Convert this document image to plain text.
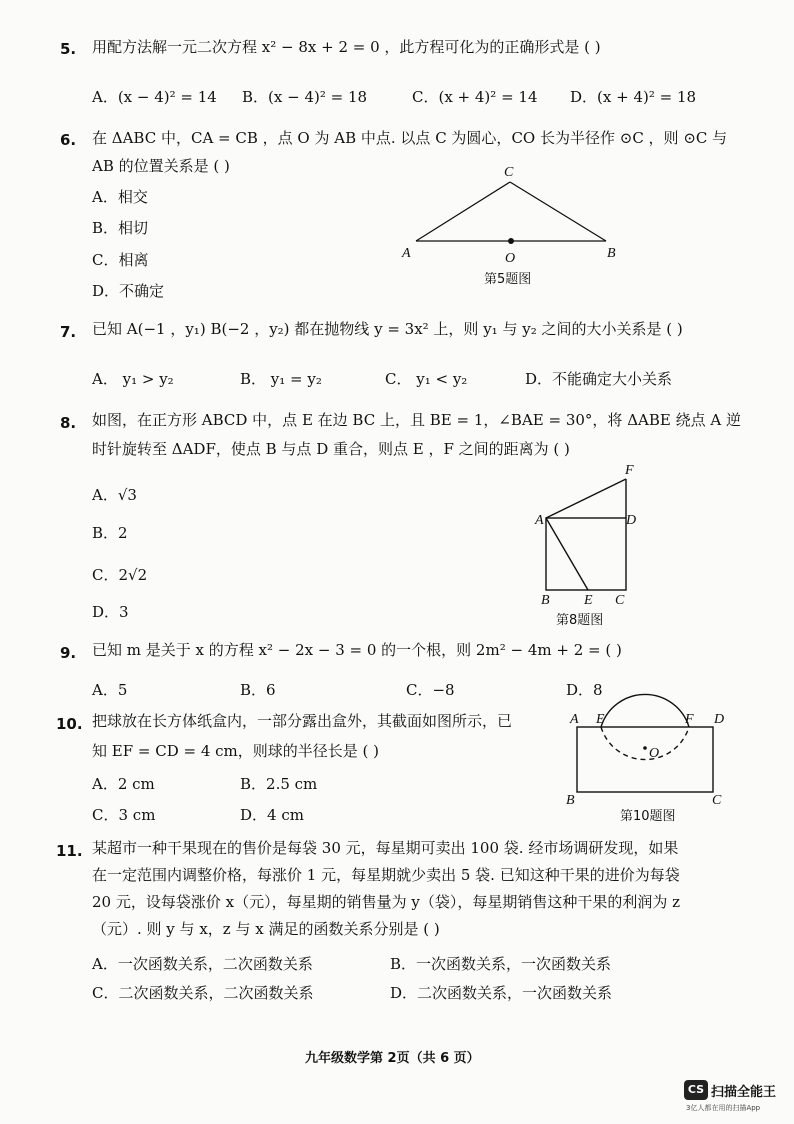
5. 用配方法解一元二次方程 x² − 8x + 2 = 0 ，此方程可化为的正确形式是 ( )
A．(x − 4)² = 14 B．(x − 4)² = 18	C．(x + 4)² = 14 D．(x + 4)² = 18
6. 在 ΔABC 中，CA = CB ，点 O 为 AB 中点. 以点 C 为圆心，CO 长为半径作 ⊙C ，则 ⊙C 与
AB 的位置关系是 ( )
A．相交
B．相切
C．相离
D．不确定
C
A	B
O
第5题图
7. 已知 A(−1 ，y₁) B(−2 ，y₂) 都在抛物线 y = 3x² 上，则 y₁ 与 y₂ 之间的大小关系是 ( )
A． y₁ > y₂	B． y₁ = y₂	C． y₁ < y₂	D．不能确定大小关系
8. 如图，在正方形 ABCD 中，点 E 在边 BC 上，且 BE = 1，∠BAE = 30°，将 ΔABE 绕点 A 逆
时针旋转至 ΔADF，使点 B 与点 D 重合，则点 E ，F 之间的距离为 ( )
A．√3
B．2
C．2√2
D．3
F
A	D
B E C
第8题图
9. 已知 m 是关于 x 的方程 x² − 2x − 3 = 0 的一个根，则 2m² − 4m + 2 = ( )
A．5	B．6	C．−8	D．8
10. 把球放在长方体纸盒内，一部分露出盒外，其截面如图所示，已
知 EF = CD = 4 cm，则球的半径长是 ( )
A．2 cm	B．2.5 cm
C．3 cm	D．4 cm
A E	F D
O
B	C
第10题图
11. 某超市一种干果现在的售价是每袋 30 元，每星期可卖出 100 袋. 经市场调研发现，如果
在一定范围内调整价格，每涨价 1 元，每星期就少卖出 5 袋. 已知这种干果的进价为每袋
20 元，设每袋涨价 x（元），每星期的销售量为 y（袋），每星期销售这种干果的利润为 z
（元）. 则 y 与 x，z 与 x 满足的函数关系分别是 ( )
A．一次函数关系，二次函数关系	B．一次函数关系，一次函数关系
C．二次函数关系，二次函数关系	D．二次函数关系，一次函数关系
九年级数学第 2页（共 6 页）
CS 扫描全能王
3亿人都在用的扫描App
